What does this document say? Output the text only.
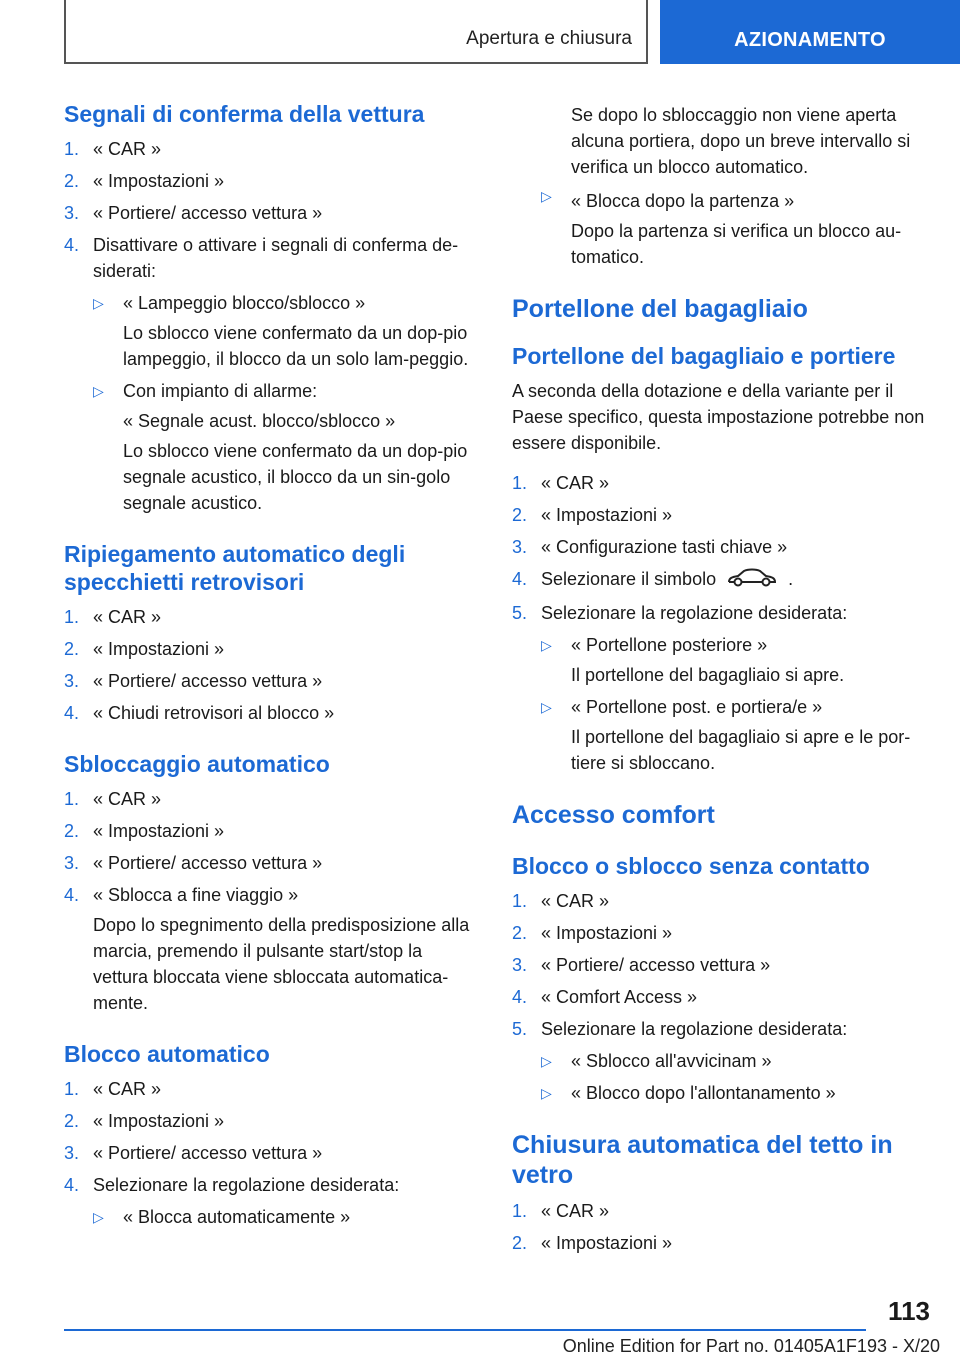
Apertura e chiusura	AZIONAMENTO
Segnali di conferma della vettura
1. « CAR »
2. « Impostazioni »
3. « Portiere/ accesso vettura »
4. Disattivare o attivare i segnali di conferma de-siderati:
▷ « Lampeggio blocco/sblocco »
Lo sblocco viene confermato da un dop-pio lampeggio, il blocco da un solo lam-peggio.
▷ Con impianto di allarme:
« Segnale acust. blocco/sblocco »
Lo sblocco viene confermato da un dop-pio segnale acustico, il blocco da un sin-golo segnale acustico.
Ripiegamento automatico degli specchietti retrovisori
1. « CAR »
2. « Impostazioni »
3. « Portiere/ accesso vettura »
4. « Chiudi retrovisori al blocco »
Sbloccaggio automatico
1. « CAR »
2. « Impostazioni »
3. « Portiere/ accesso vettura »
4. « Sblocca a fine viaggio »
Dopo lo spegnimento della predisposizione alla marcia, premendo il pulsante start/stop la vettura bloccata viene sbloccata automatica-mente.
Blocco automatico
1. « CAR »
2. « Impostazioni »
3. « Portiere/ accesso vettura »
4. Selezionare la regolazione desiderata:
▷ « Blocca automaticamente »
Se dopo lo sbloccaggio non viene aperta alcuna portiera, dopo un breve intervallo si verifica un blocco automatico.
▷ « Blocca dopo la partenza »
Dopo la partenza si verifica un blocco au-tomatico.
Portellone del bagagliaio
Portellone del bagagliaio e portiere
A seconda della dotazione e della variante per il Paese specifico, questa impostazione potrebbe non essere disponibile.
1. « CAR »
2. « Impostazioni »
3. « Configurazione tasti chiave »
4. Selezionare il simbolo	.
5. Selezionare la regolazione desiderata:
▷ « Portellone posteriore »
Il portellone del bagagliaio si apre.
▷ « Portellone post. e portiera/e »
Il portellone del bagagliaio si apre e le por-tiere si sbloccano.
Accesso comfort
Blocco o sblocco senza contatto
1. « CAR »
2. « Impostazioni »
3. « Portiere/ accesso vettura »
4. « Comfort Access »
5. Selezionare la regolazione desiderata:
▷ « Sblocco all'avvicinam »
▷ « Blocco dopo l'allontanamento »
Chiusura automatica del tetto in vetro
1. « CAR »
2. « Impostazioni »
113
Online Edition for Part no. 01405A1F193 - X/20
